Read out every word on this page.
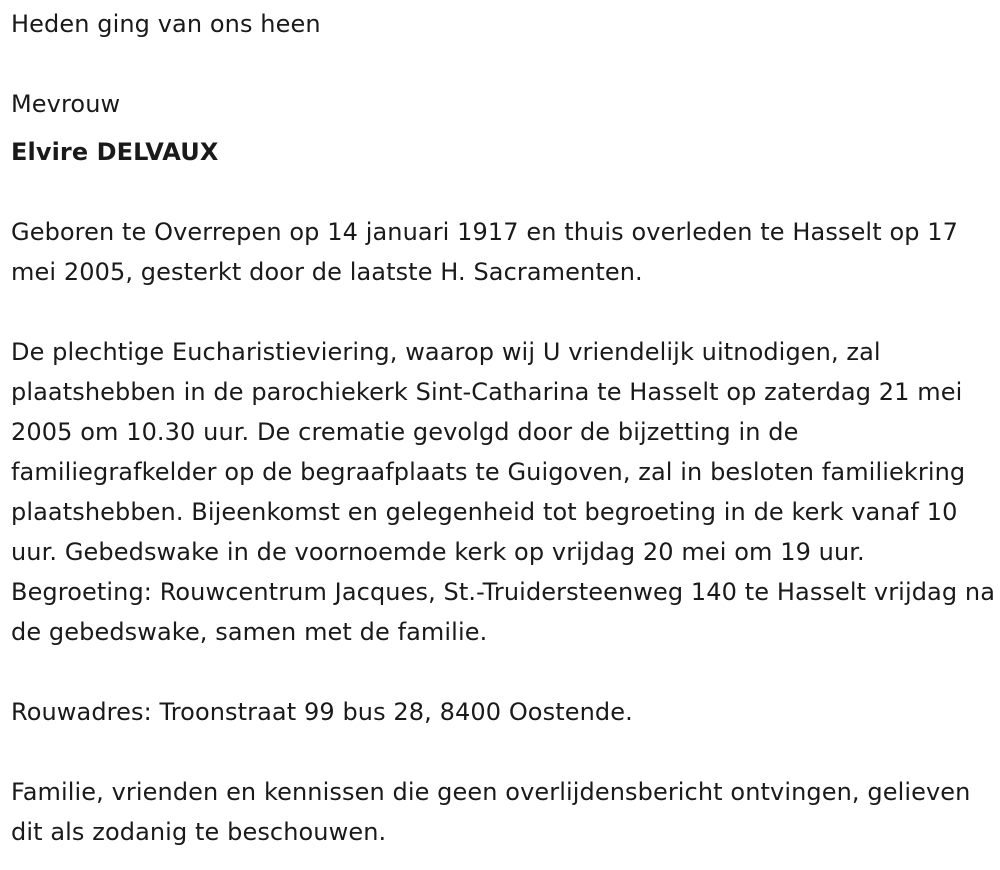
Heden ging van ons heen

Mevrouw

Elvire DELVAUX

Geboren te Overrepen op 14 januari 1917 en thuis overleden te Hasselt op 17 mei 2005, gesterkt door de laatste H. Sacramenten.

De plechtige Eucharistieviering, waarop wij U vriendelijk uitnodigen, zal plaatshebben in de parochiekerk Sint-Catharina te Hasselt op zaterdag 21 mei 2005 om 10.30 uur. De crematie gevolgd door de bijzetting in de familiegrafkelder op de begraafplaats te Guigoven, zal in besloten familiekring plaatshebben. Bijeenkomst en gelegenheid tot begroeting in de kerk vanaf 10 uur. Gebedswake in de voornoemde kerk op vrijdag 20 mei om 19 uur. Begroeting: Rouwcentrum Jacques, St.-Truidersteenweg 140 te Hasselt vrijdag na de gebedswake, samen met de familie.

Rouwadres: Troonstraat 99 bus 28, 8400 Oostende.

Familie, vrienden en kennissen die geen overlijdensbericht ontvingen, gelieven dit als zodanig te beschouwen.
